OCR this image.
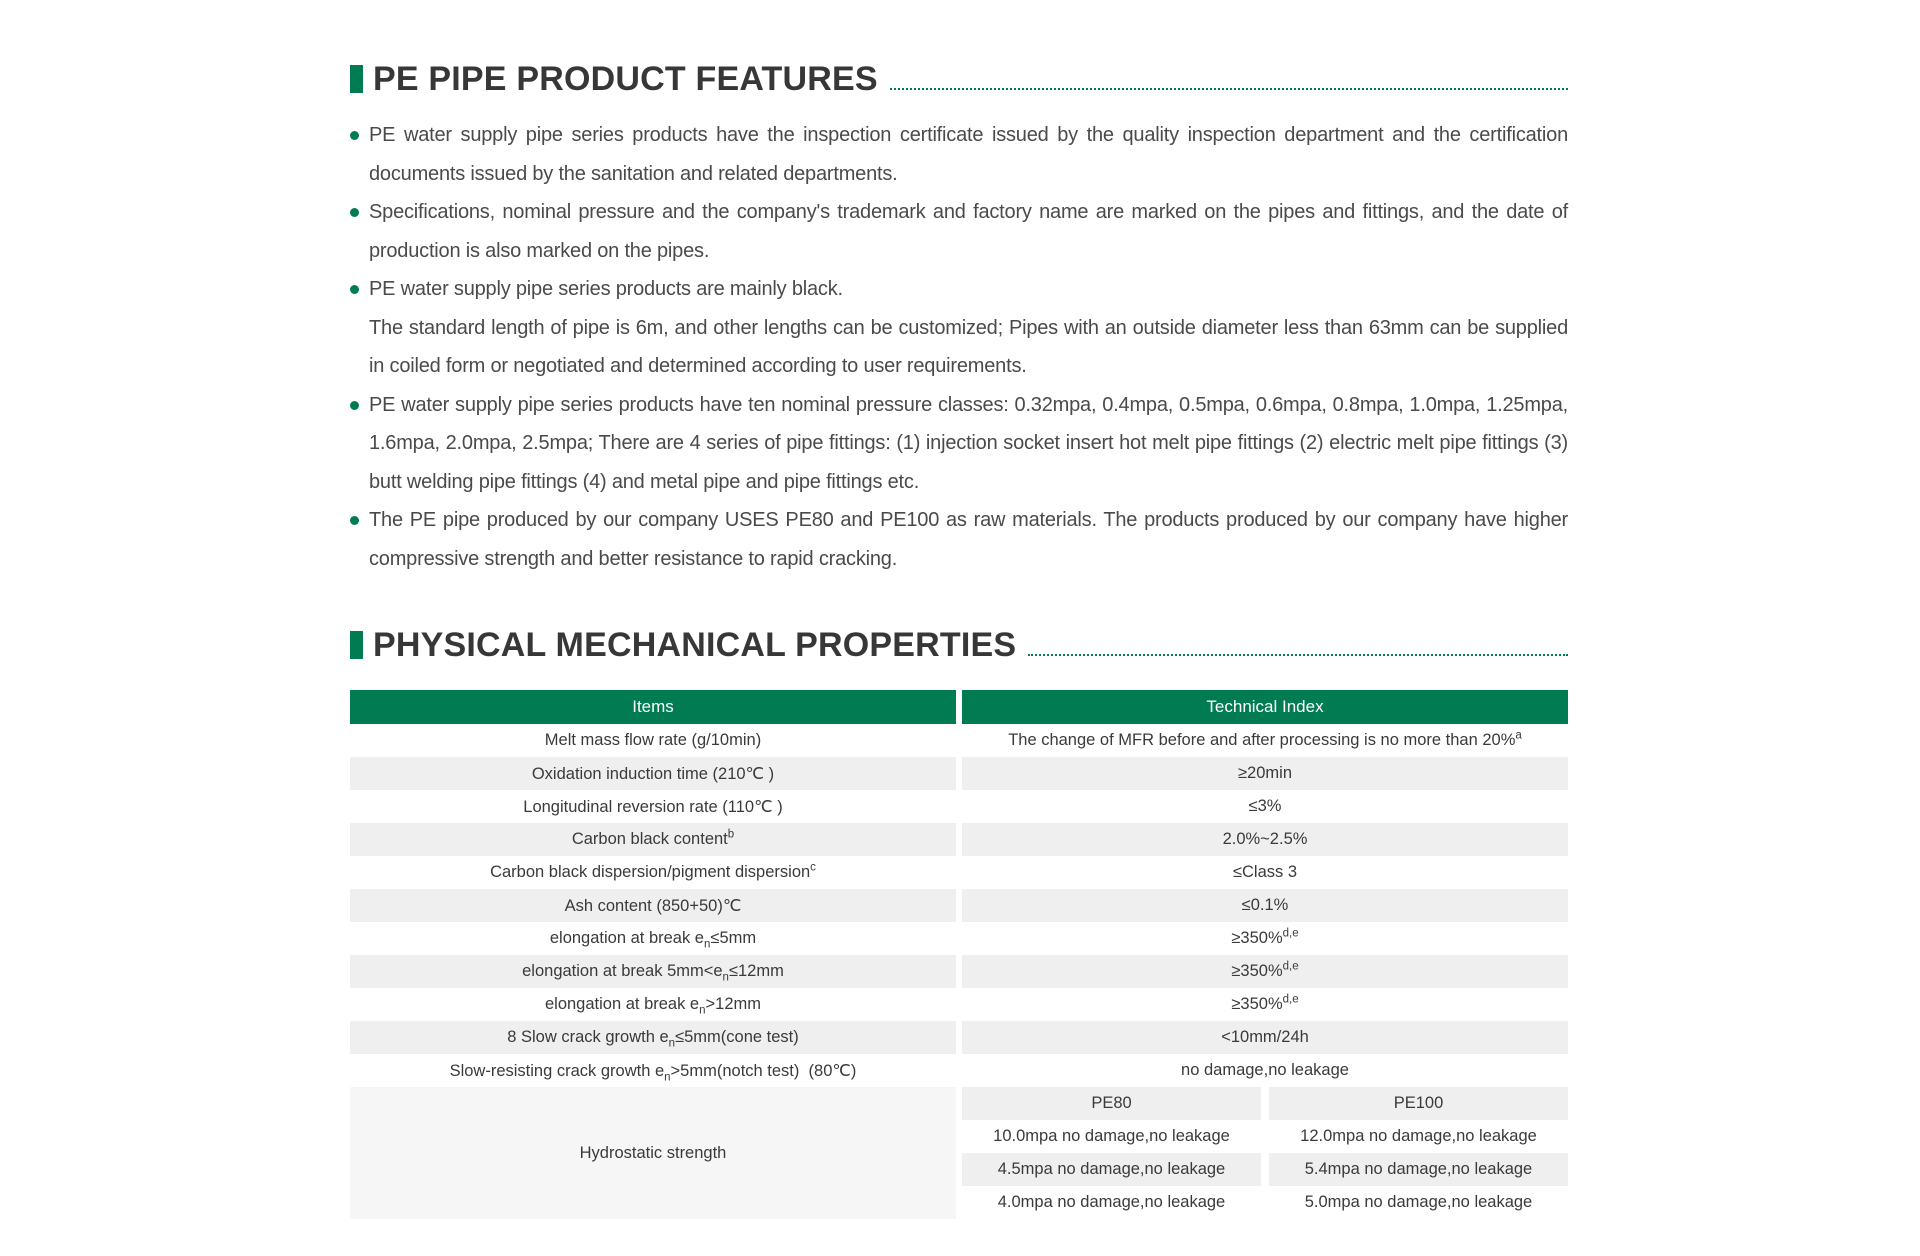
PE PIPE PRODUCT FEATURES
PE water supply pipe series products have the inspection certificate issued by the quality inspection department and the certification documents issued by the sanitation and related departments.
Specifications, nominal pressure and the company's trademark and factory name are marked on the pipes and fittings, and the date of production is also marked on the pipes.
PE water supply pipe series products are mainly black.
The standard length of pipe is 6m, and other lengths can be customized; Pipes with an outside diameter less than 63mm can be supplied in coiled form or negotiated and determined according to user requirements.
PE water supply pipe series products have ten nominal pressure classes: 0.32mpa, 0.4mpa, 0.5mpa, 0.6mpa, 0.8mpa, 1.0mpa, 1.25mpa, 1.6mpa, 2.0mpa, 2.5mpa; There are 4 series of pipe fittings: (1) injection socket insert hot melt pipe fittings (2) electric melt pipe fittings (3) butt welding pipe fittings (4) and metal pipe and pipe fittings etc.
The PE pipe produced by our company USES PE80 and PE100 as raw materials. The products produced by our company have higher compressive strength and better resistance to rapid cracking.
PHYSICAL MECHANICAL PROPERTIES
Items	Technical Index
Melt mass flow rate (g/10min)	The change of MFR before and after processing is no more than 20%$^a$
Oxidation induction time (210℃ )	≥20min
Longitudinal reversion rate (110℃ )	≤3%
Carbon black content$^b$	2.0%~2.5%
Carbon black dispersion/pigment dispersion$^c$	≤Class 3
Ash content (850+50)℃	≤0.1%
elongation at break $e_n\le 5mm$	≥350%$^{d,e}$
elongation at break $5mm<e_n\le 12mm$	≥350%$^{d,e}$
elongation at break $e_n>12mm$	≥350%$^{d,e}$
8 Slow crack growth $e_n\le 5mm(cone$ test)	<10mm/24h
Slow-resisting crack growth $e_n>5mm(notch$ test)  (80℃)	no damage,no leakage
Hydrostatic strength
PE80	PE100
10.0mpa no damage,no leakage	12.0mpa no damage,no leakage
4.5mpa no damage,no leakage	5.4mpa no damage,no leakage
4.0mpa no damage,no leakage	5.0mpa no damage,no leakage
